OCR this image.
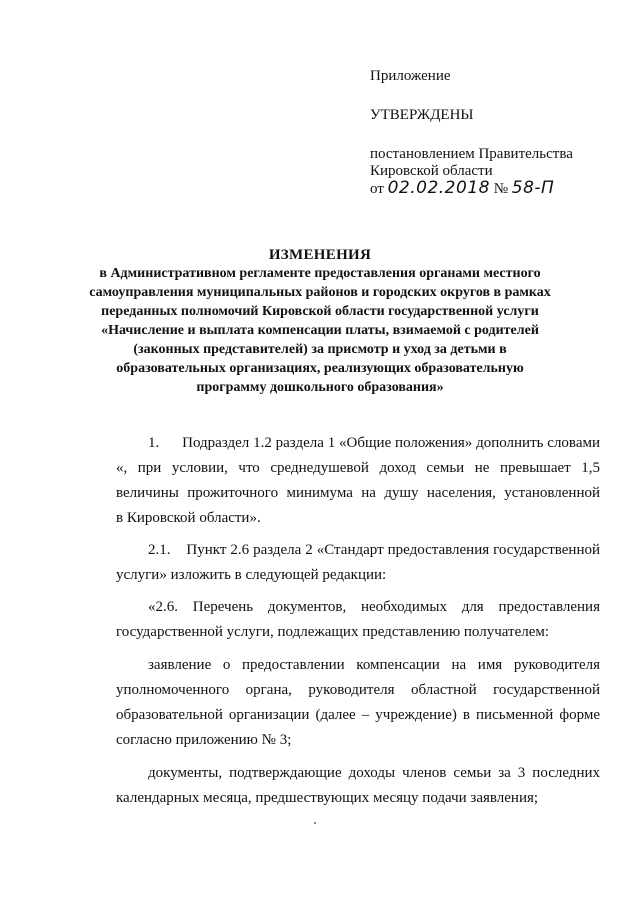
Приложение
УТВЕРЖДЕНЫ
постановлением Правительства
Кировской области
от 02.02.2018 № 58-П
ИЗМЕНЕНИЯ
в Административном регламенте предоставления органами местного
самоуправления муниципальных районов и городских округов в рамках
переданных полномочий Кировской области государственной услуги
«Начисление и выплата компенсации платы, взимаемой с родителей
(законных представителей) за присмотр и уход за детьми в
образовательных организациях, реализующих образовательную
программу дошкольного образования»

1.      Подраздел 1.2 раздела 1 «Общие положения» дополнить словами «, при условии, что среднедушевой доход семьи не превышает 1,5 величины прожиточного минимума на душу населения, установленной

в Кировской области».

2.1.    Пункт 2.6 раздела 2 «Стандарт предоставления государственной услуги» изложить в следующей редакции:

«2.6. Перечень документов, необходимых для предоставления государственной услуги, подлежащих представлению получателем:

заявление о предоставлении компенсации на имя руководителя уполномоченного органа, руководителя областной государственной образовательной организации (далее – учреждение) в письменной форме согласно приложению № 3;

документы, подтверждающие доходы членов семьи за 3 последних календарных месяца, предшествующих месяцу подачи заявления;
